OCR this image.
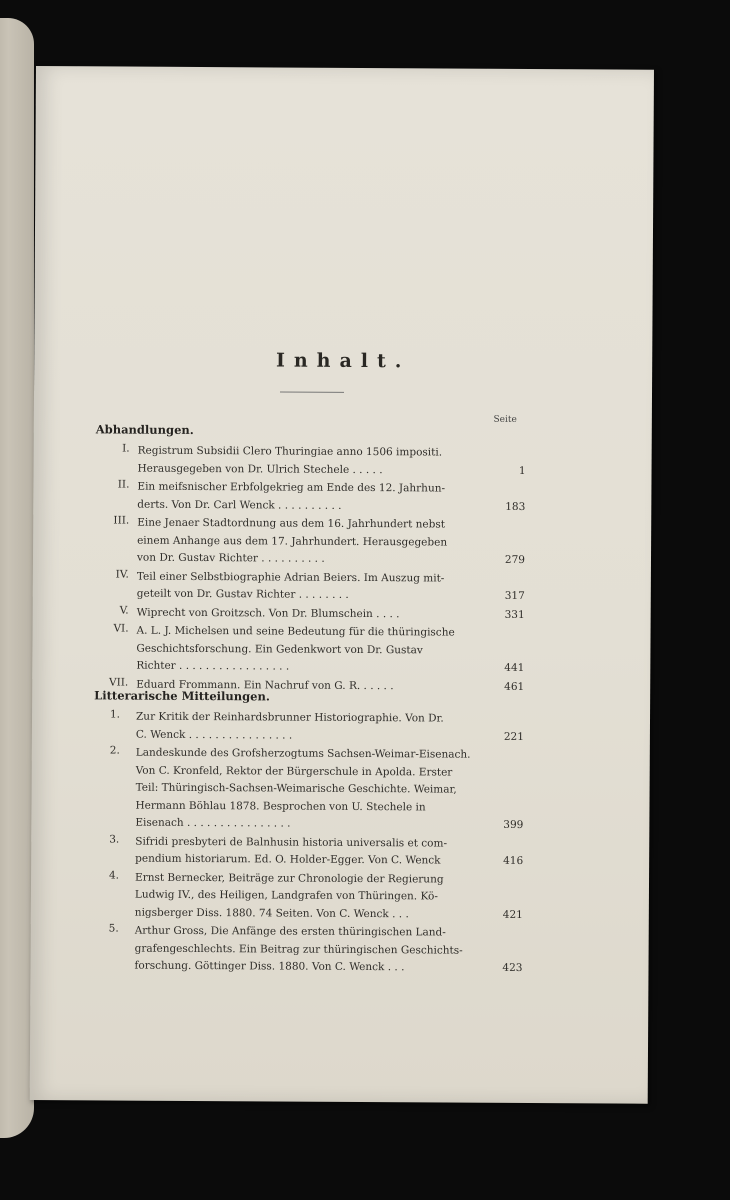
Inhalt.
Seite
Abhandlungen.
I. Registrum Subsidii Clero Thuringiae anno 1506 impositi.
Herausgegeben von Dr. Ulrich Stechele . . . . .	1
II. Ein meifsnischer Erbfolgekrieg am Ende des 12. Jahrhun-
derts. Von Dr. Carl Wenck . . . . . . . . . .	183
III. Eine Jenaer Stadtordnung aus dem 16. Jahrhundert nebst
einem Anhange aus dem 17. Jahrhundert. Herausgegeben
von Dr. Gustav Richter . . . . . . . . . .	279
IV. Teil einer Selbstbiographie Adrian Beiers. Im Auszug mit-
geteilt von Dr. Gustav Richter . . . . . . . .	317
V. Wiprecht von Groitzsch. Von Dr. Blumschein . . . .	331
VI. A. L. J. Michelsen und seine Bedeutung für die thüringische
Geschichtsforschung. Ein Gedenkwort von Dr. Gustav
Richter . . . . . . . . . . . . . . . . .	441
VII. Eduard Frommann. Ein Nachruf von G. R. . . . . .	461
Litterarische Mitteilungen.
1. Zur Kritik der Reinhardsbrunner Historiographie. Von Dr.
C. Wenck . . . . . . . . . . . . . . . .	221
2. Landeskunde des Grofsherzogtums Sachsen-Weimar-Eisenach.
Von C. Kronfeld, Rektor der Bürgerschule in Apolda. Erster
Teil: Thüringisch-Sachsen-Weimarische Geschichte. Weimar,
Hermann Böhlau 1878. Besprochen von U. Stechele in
Eisenach . . . . . . . . . . . . . . . .	399
3. Sifridi presbyteri de Balnhusin historia universalis et com-
pendium historiarum. Ed. O. Holder-Egger. Von C. Wenck	416
4. Ernst Bernecker, Beiträge zur Chronologie der Regierung
Ludwig IV., des Heiligen, Landgrafen von Thüringen. Kö-
nigsberger Diss. 1880. 74 Seiten. Von C. Wenck . . .	421
5. Arthur Gross, Die Anfänge des ersten thüringischen Land-
grafengeschlechts. Ein Beitrag zur thüringischen Geschichts-
forschung. Göttinger Diss. 1880. Von C. Wenck . . .	423
